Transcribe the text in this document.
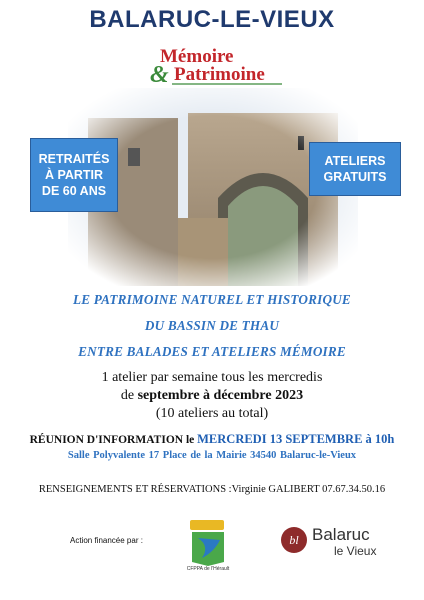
BALARUC-LE-VIEUX
Mémoire
& Patrimoine
RETRAITÉS
À PARTIR
DE 60 ANS
ATELIERS
GRATUITS
LE PATRIMOINE NATUREL ET HISTORIQUE
DU BASSIN DE THAU
ENTRE BALADES ET ATELIERS MÉMOIRE
1 atelier par semaine tous les mercredis
de septembre à décembre 2023
(10 ateliers au total)
RÉUNION D'INFORMATION le MERCREDI 13 SEPTEMBRE à 10h
Salle Polyvalente 17 Place de la Mairie 34540 Balaruc-le-Vieux
RENSEIGNEMENTS ET RÉSERVATIONS :Virginie GALIBERT 07.67.34.50.16
Action financée par :
CFPPA de l'Hérault
bl Balaruc
le Vieux
